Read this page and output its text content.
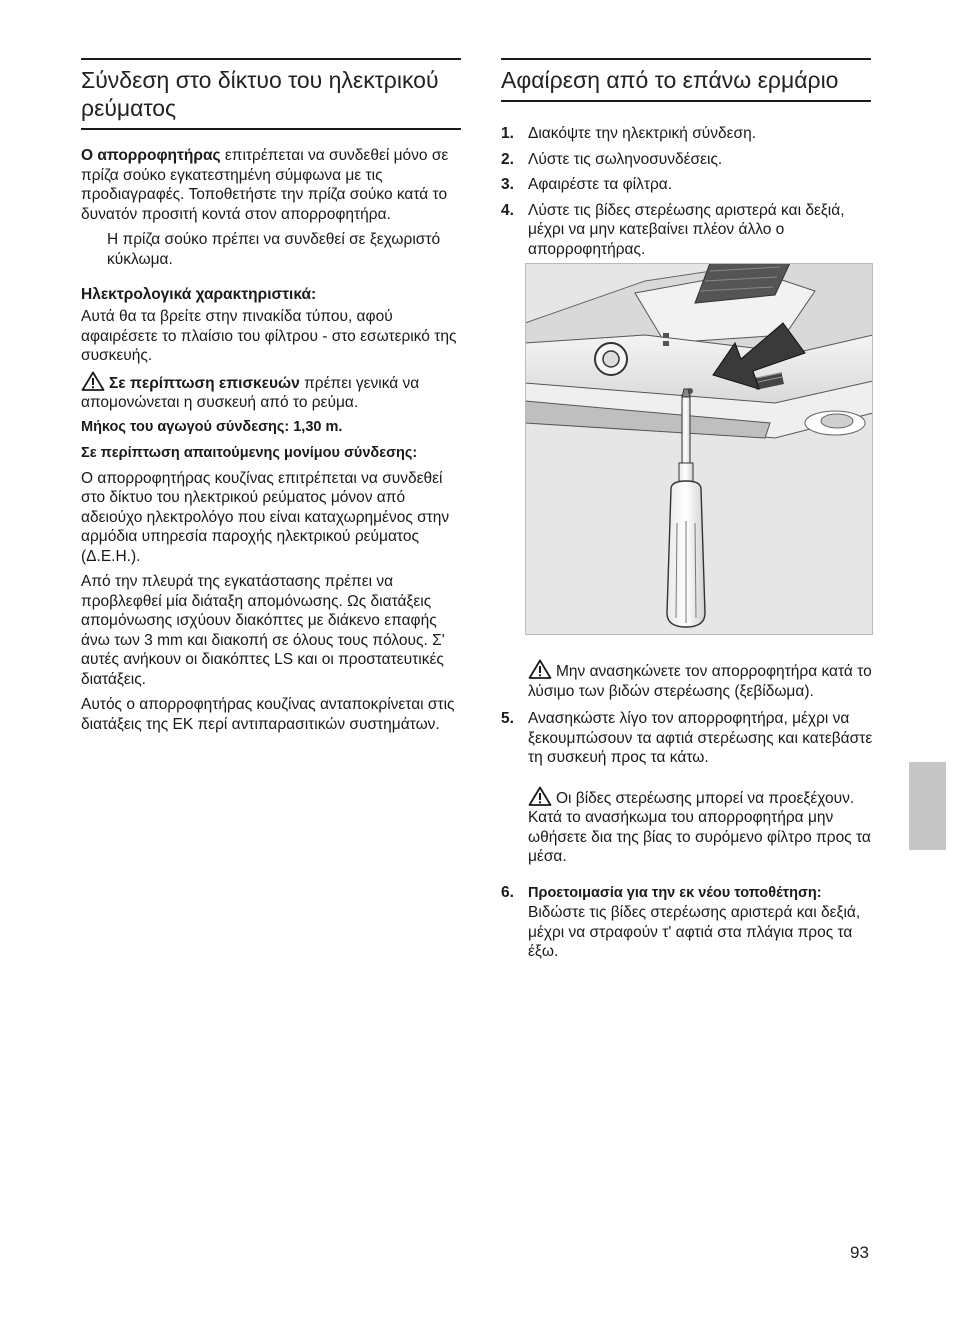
Σύνδεση στο δίκτυο του ηλεκτρικού ρεύματος

Ο απορροφητήρας επιτρέπεται να συνδεθεί μόνο σε πρίζα σούκο εγκατεστημένη σύμφωνα με τις προδιαγραφές. Τοποθετήστε την πρίζα σούκο κατά το δυνατόν προσιτή κοντά στον απορροφητήρα.

Η πρίζα σούκο πρέπει να συνδεθεί σε ξεχωριστό κύκλωμα.

Ηλεκτρολογικά χαρακτηριστικά:

Αυτά θα τα βρείτε στην πινακίδα τύπου, αφού αφαιρέσετε το πλαίσιο του φίλτρου - στο εσωτερικό της συσκευής.

Σε περίπτωση επισκευών πρέπει γενικά να απομονώνεται η συσκευή από το ρεύμα.

Μήκος του αγωγού σύνδεσης: 1,30 m.

Σε περίπτωση απαιτούμενης μονίμου σύνδεσης:

Ο απορροφητήρας κουζίνας επιτρέπεται να συνδεθεί στο δίκτυο του ηλεκτρικού ρεύματος μόνον από αδειούχο ηλεκτρολόγο που είναι καταχωρημένος στην αρμόδια υπηρεσία παροχής ηλεκτρικού ρεύματος (Δ.Ε.Η.).

Από την πλευρά της εγκατάστασης πρέπει να προβλεφθεί μία διάταξη απομόνωσης. Ως διατάξεις απομόνωσης ισχύουν διακόπτες με διάκενο επαφής άνω των 3 mm και διακοπή σε όλους τους πόλους. Σ' αυτές ανήκουν οι διακόπτες LS και οι προστατευτικές διατάξεις.

Αυτός ο απορροφητήρας κουζίνας ανταποκρίνεται στις διατάξεις της ΕΚ περί αντιπαρασιτικών συστημάτων.

Αφαίρεση από το επάνω ερμάριο
1. Διακόψτε την ηλεκτρική σύνδεση.
2. Λύστε τις σωληνοσυνδέσεις.
3. Αφαιρέστε τα φίλτρα.
4. Λύστε τις βίδες στερέωσης αριστερά και δεξιά, μέχρι να μην κατεβαίνει πλέον άλλο ο απορροφητήρας.
Μην ανασηκώνετε τον απορροφητήρα κατά το λύσιμο των βιδών στερέωσης (ξεβίδωμα).
5. Ανασηκώστε λίγο τον απορροφητήρα, μέχρι να ξεκουμπώσουν τα αφτιά στερέωσης και κατεβάστε τη συσκευή προς τα κάτω.
Οι βίδες στερέωσης μπορεί να προεξέχουν. Κατά το ανασήκωμα του απορροφητήρα μην ωθήσετε δια της βίας το συρόμενο φίλτρο προς τα μέσα.
6. Προετοιμασία για την εκ νέου τοποθέτηση:
Βιδώστε τις βίδες στερέωσης αριστερά και δεξιά, μέχρι να στραφούν τ' αφτιά στα πλάγια προς τα έξω.
93
